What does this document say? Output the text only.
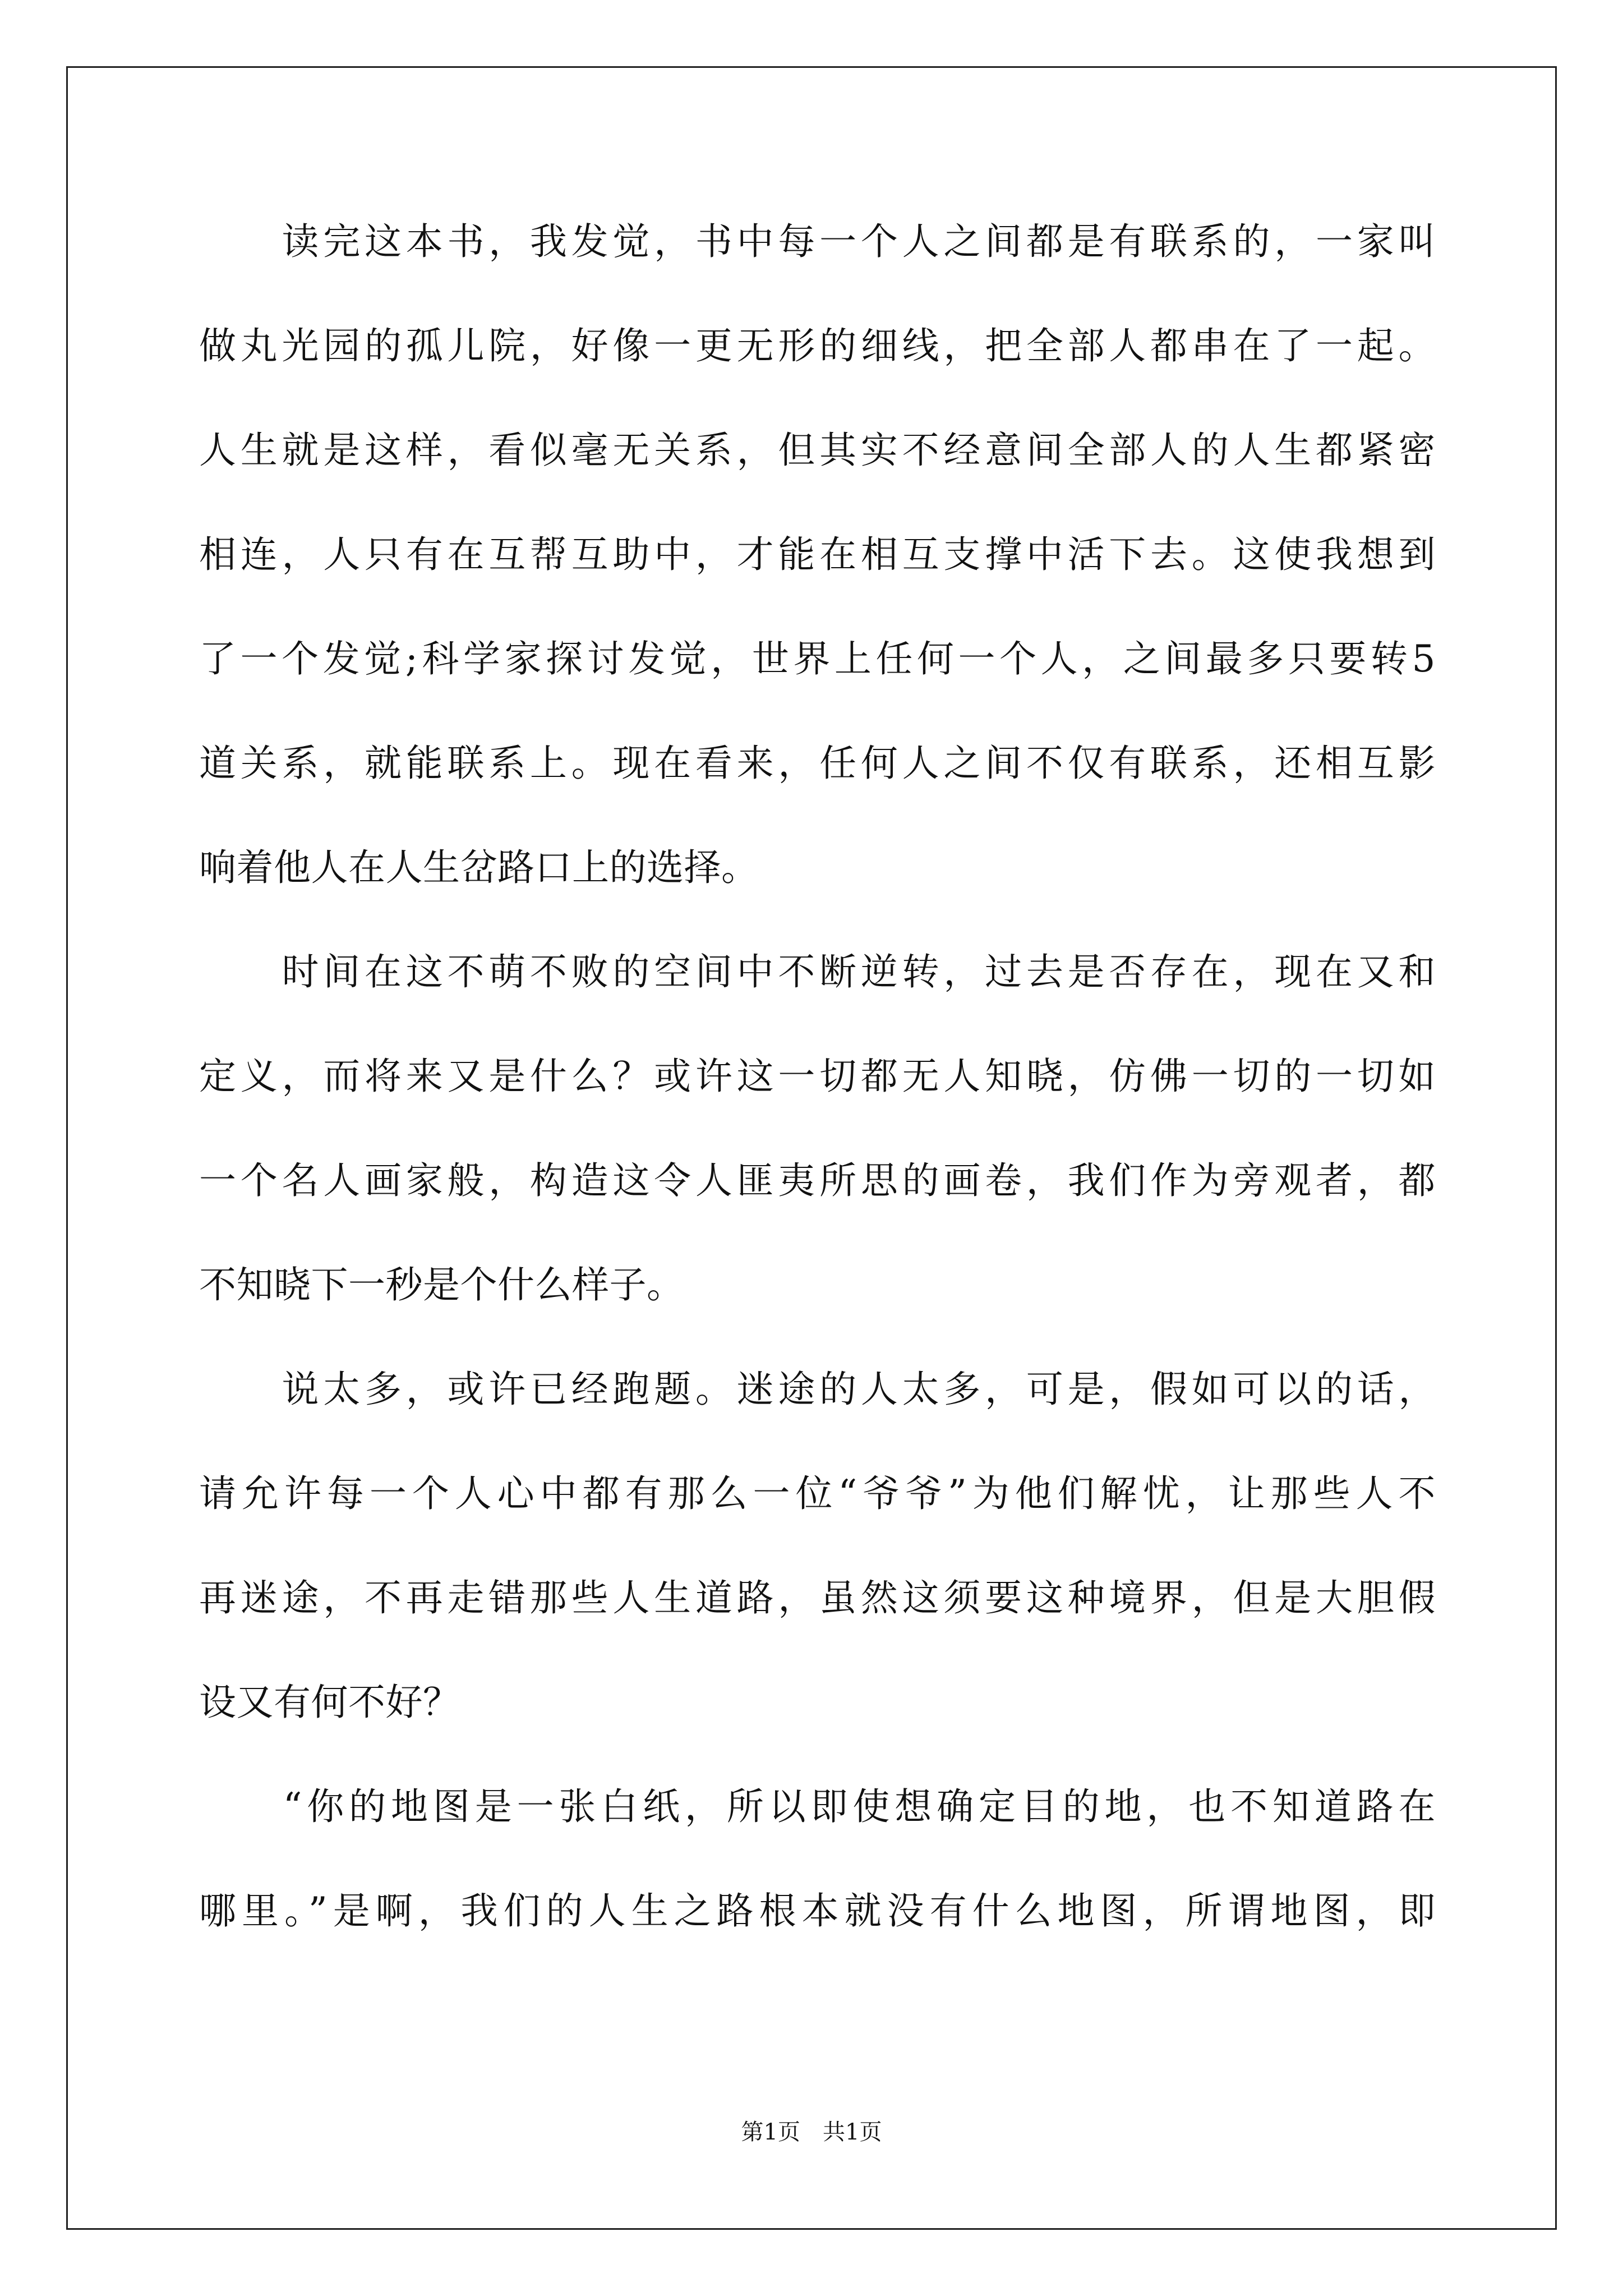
　　读完这本书，我发觉，书中每一个人之间都是有联系的，一家叫
做丸光园的孤儿院，好像一更无形的细线，把全部人都串在了一起。
人生就是这样，看似毫无关系，但其实不经意间全部人的人生都紧密
相连，人只有在互帮互助中，才能在相互支撑中活下去。这使我想到
了一个发觉;科学家探讨发觉，世界上任何一个人，之间最多只要转5
道关系，就能联系上。现在看来，任何人之间不仅有联系，还相互影
响着他人在人生岔路口上的选择。
　　时间在这不萌不败的空间中不断逆转，过去是否存在，现在又和
定义，而将来又是什么？或许这一切都无人知晓，仿佛一切的一切如
一个名人画家般，构造这令人匪夷所思的画卷，我们作为旁观者，都
不知晓下一秒是个什么样子。
　　说太多，或许已经跑题。迷途的人太多，可是，假如可以的话，
请允许每一个人心中都有那么一位“爷爷”为他们解忧，让那些人不
再迷途，不再走错那些人生道路，虽然这须要这种境界，但是大胆假
设又有何不好？
　　“你的地图是一张白纸，所以即使想确定目的地，也不知道路在
哪里。”是啊，我们的人生之路根本就没有什么地图，所谓地图，即
第1页　共1页
